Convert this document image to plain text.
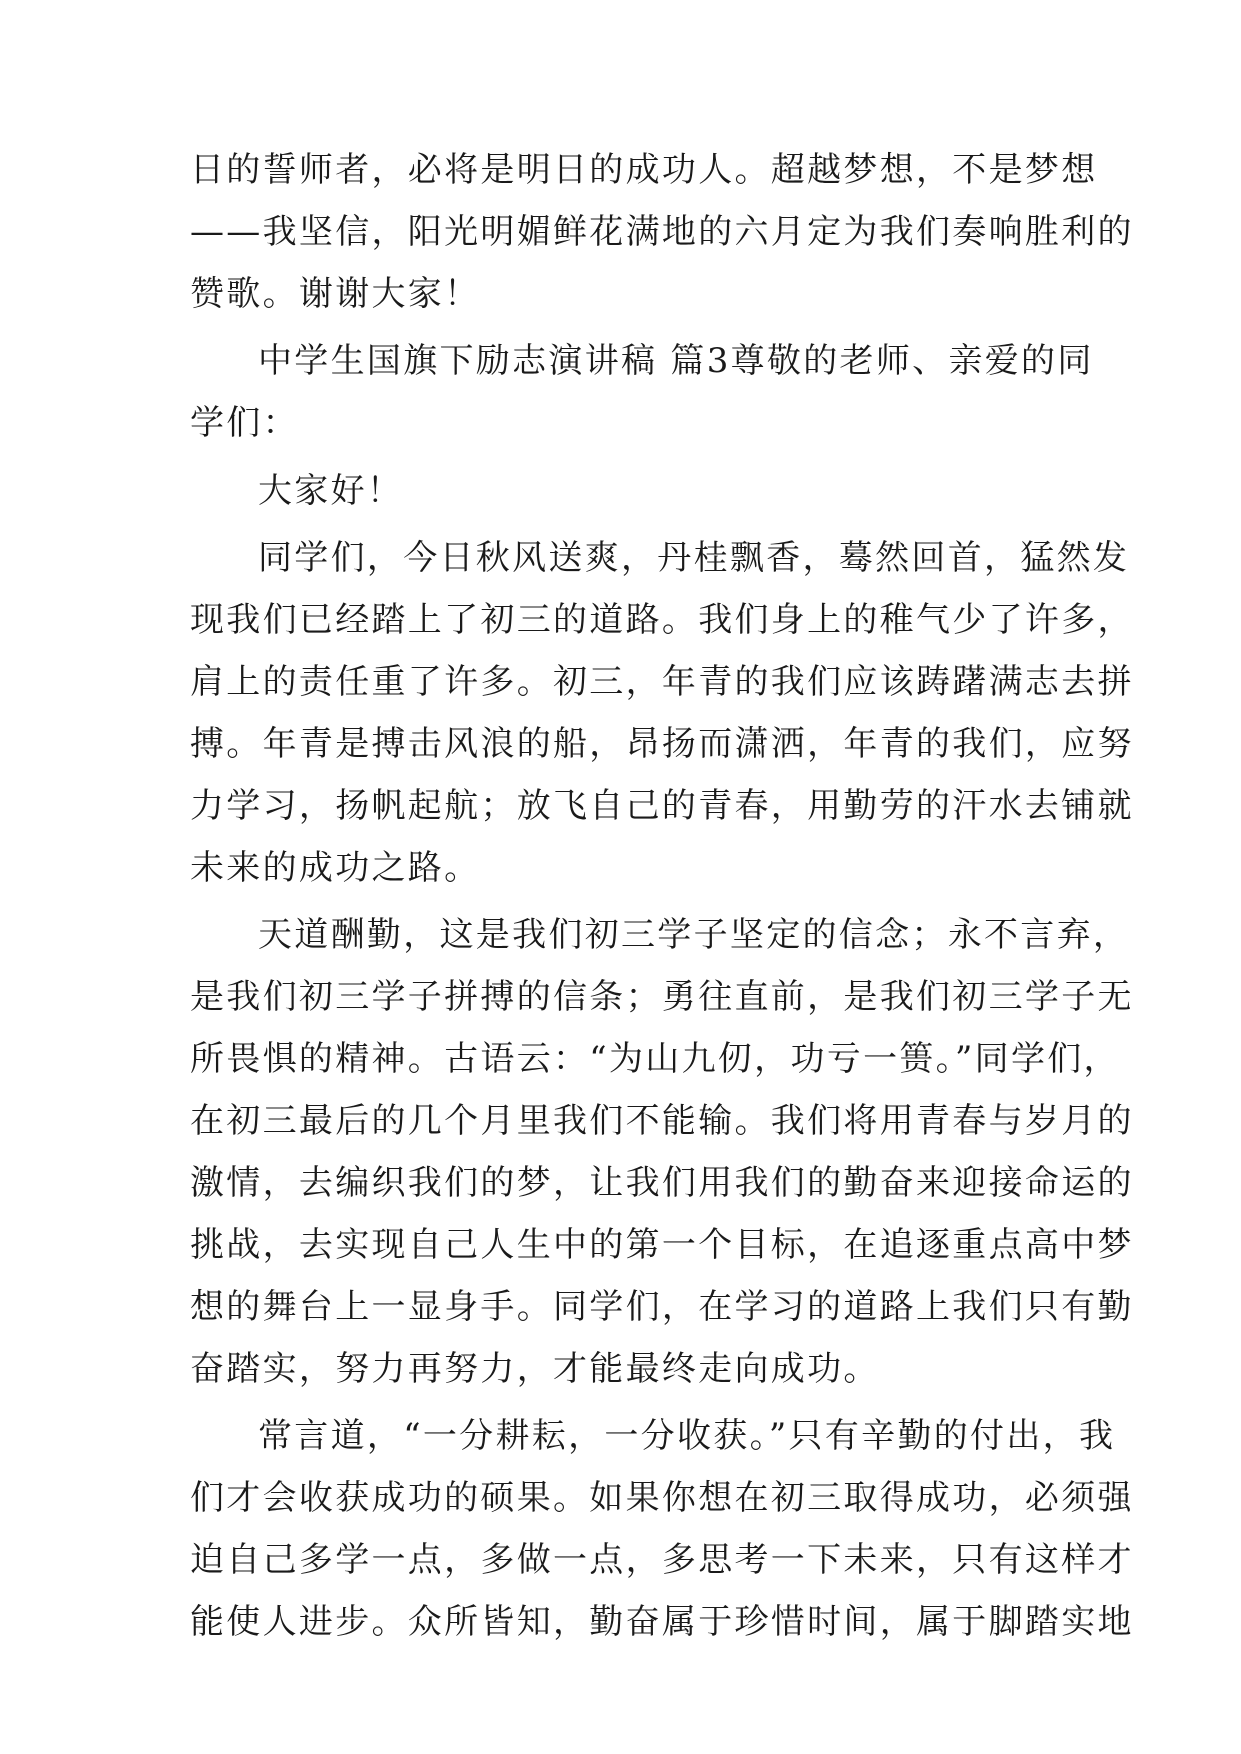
日的誓师者，必将是明日的成功人。超越梦想，不是梦想
——我坚信，阳光明媚鲜花满地的六月定为我们奏响胜利的
赞歌。谢谢大家！
中学生国旗下励志演讲稿 篇3尊敬的老师、亲爱的同
学们：
大家好！
同学们，今日秋风送爽，丹桂飘香，蓦然回首，猛然发
现我们已经踏上了初三的道路。我们身上的稚气少了许多，
肩上的责任重了许多。初三，年青的我们应该踌躇满志去拼
搏。年青是搏击风浪的船，昂扬而潇洒，年青的我们，应努
力学习，扬帆起航；放飞自己的青春，用勤劳的汗水去铺就
未来的成功之路。
天道酬勤，这是我们初三学子坚定的信念；永不言弃，
是我们初三学子拼搏的信条；勇往直前，是我们初三学子无
所畏惧的精神。古语云：“为山九仞，功亏一篑。”同学们，
在初三最后的几个月里我们不能输。我们将用青春与岁月的
激情，去编织我们的梦，让我们用我们的勤奋来迎接命运的
挑战，去实现自己人生中的第一个目标，在追逐重点高中梦
想的舞台上一显身手。同学们，在学习的道路上我们只有勤
奋踏实，努力再努力，才能最终走向成功。
常言道，“一分耕耘，一分收获。”只有辛勤的付出，我
们才会收获成功的硕果。如果你想在初三取得成功，必须强
迫自己多学一点，多做一点，多思考一下未来，只有这样才
能使人进步。众所皆知，勤奋属于珍惜时间，属于脚踏实地
